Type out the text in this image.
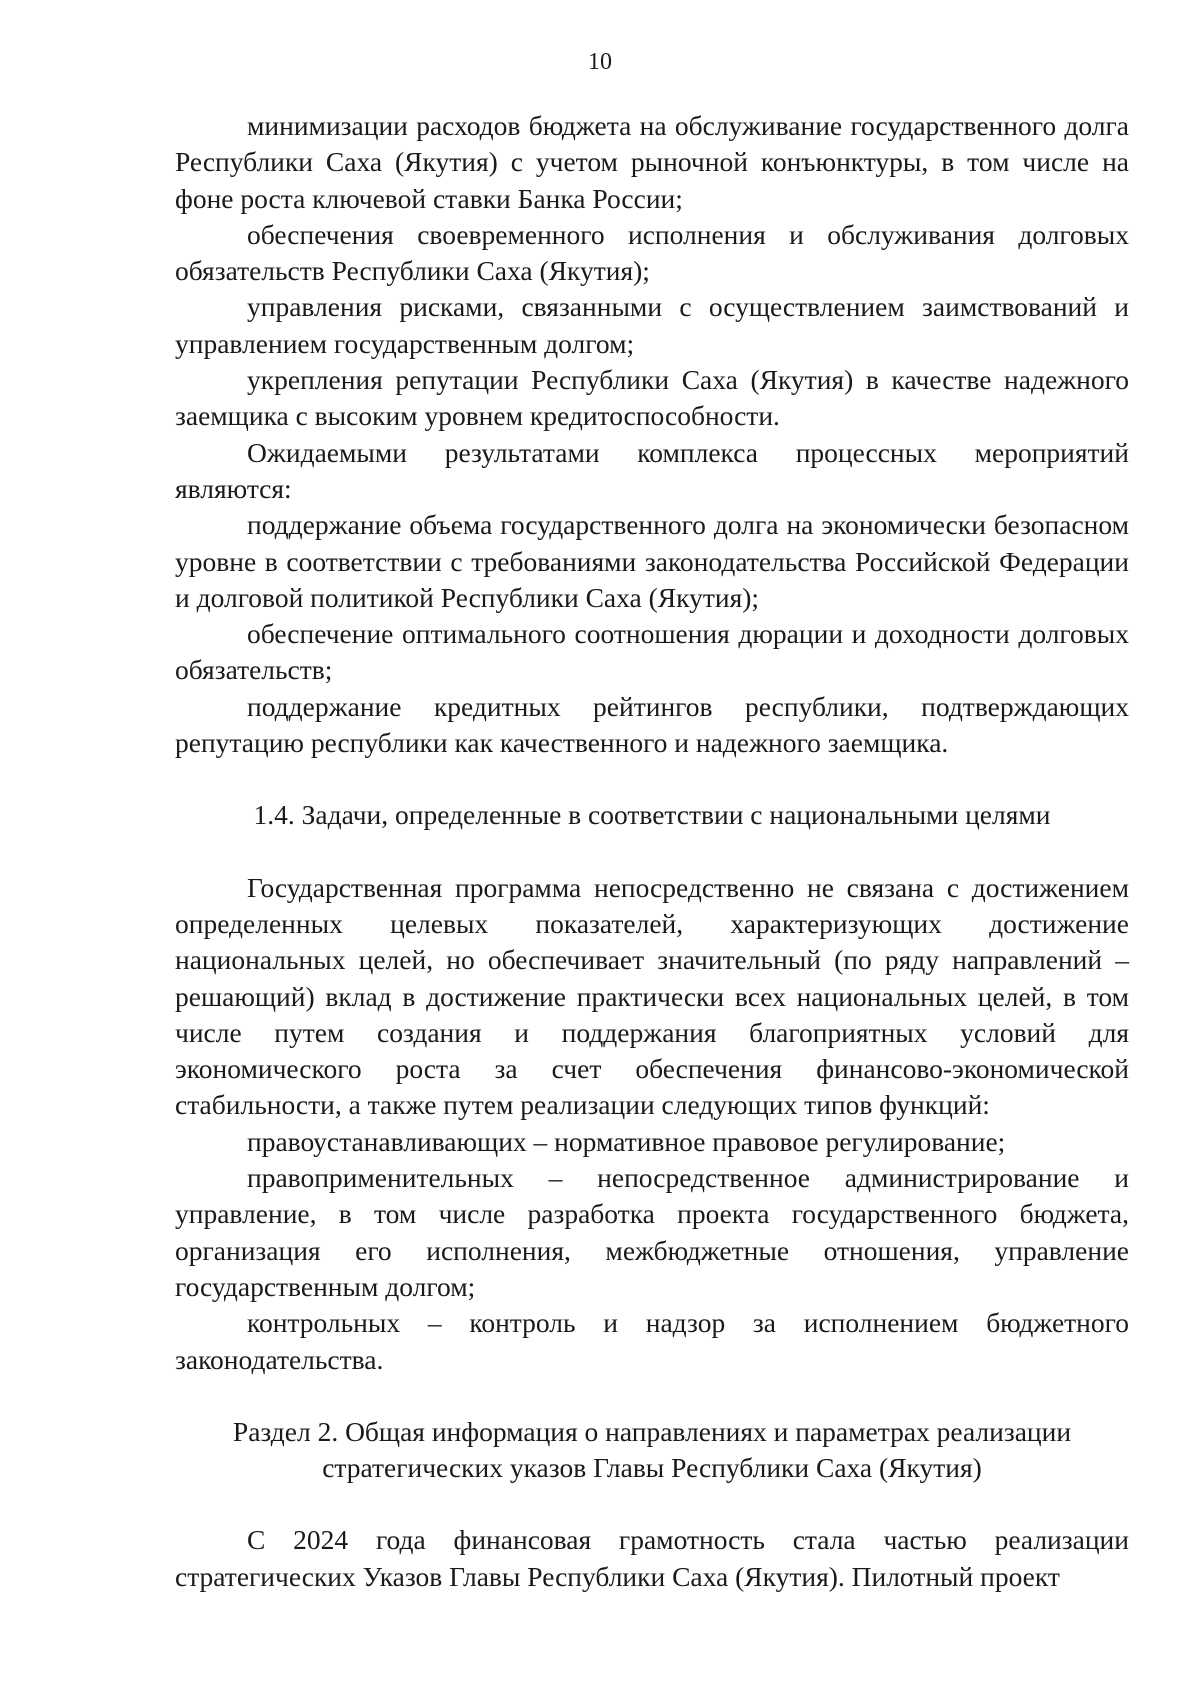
10

минимизации расходов бюджета на обслуживание государственного долга Республики Саха (Якутия) с учетом рыночной конъюнктуры, в том числе на фоне роста ключевой ставки Банка России;

обеспечения своевременного исполнения и обслуживания долговых обязательств Республики Саха (Якутия);

управления рисками, связанными с осуществлением заимствований и управлением государственным долгом;

укрепления репутации Республики Саха (Якутия) в качестве надежного заемщика с высоким уровнем кредитоспособности.

Ожидаемыми результатами комплекса процессных мероприятий являются:

поддержание объема государственного долга на экономически безопасном уровне в соответствии с требованиями законодательства Российской Федерации и долговой политикой Республики Саха (Якутия);

обеспечение оптимального соотношения дюрации и доходности долговых обязательств;

поддержание кредитных рейтингов республики, подтверждающих репутацию республики как качественного и надежного заемщика.

1.4. Задачи, определенные в соответствии с национальными целями

Государственная программа непосредственно не связана с достижением определенных целевых показателей, характеризующих достижение национальных целей, но обеспечивает значительный (по ряду направлений – решающий) вклад в достижение практически всех национальных целей, в том числе путем создания и поддержания благоприятных условий для экономического роста за счет обеспечения финансово-экономической стабильности, а также путем реализации следующих типов функций:

правоустанавливающих – нормативное правовое регулирование;

правоприменительных – непосредственное администрирование и управление, в том числе разработка проекта государственного бюджета, организация его исполнения, межбюджетные отношения, управление государственным долгом;

контрольных – контроль и надзор за исполнением бюджетного законодательства.

Раздел 2. Общая информация о направлениях и параметрах реализации

стратегических указов Главы Республики Саха (Якутия)

С 2024 года финансовая грамотность стала частью реализации стратегических Указов Главы Республики Саха (Якутия). Пилотный проект
